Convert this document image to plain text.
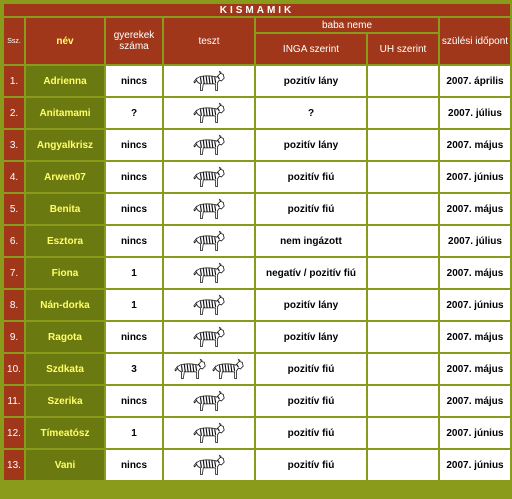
KISMAMIK						
Ssz.	név	gyerekek száma	teszt	baba neme		szülési időpont
				INGA szerint	UH szerint	
1.	Adrienna	nincs		pozitív lány		2007. április
2.	Anitamami	?		?		2007. július
3.	Angyalkrisz	nincs		pozitív lány		2007. május
4.	Arwen07	nincs		pozitív fiú		2007. június
5.	Benita	nincs		pozitív fiú		2007. május
6.	Esztora	nincs		nem ingázott		2007. július
7.	Fiona	1		negatív / pozitív fiú		2007. május
8.	Nán-dorka	1		pozitív lány		2007. június
9.	Ragota	nincs		pozitív lány		2007. május
10.	Szdkata	3		pozitív fiú		2007. május
11.	Szerika	nincs		pozitív fiú		2007. május
12.	Tímeatósz	1		pozitív fiú		2007. június
13.	Vani	nincs		pozitív fiú		2007. június
